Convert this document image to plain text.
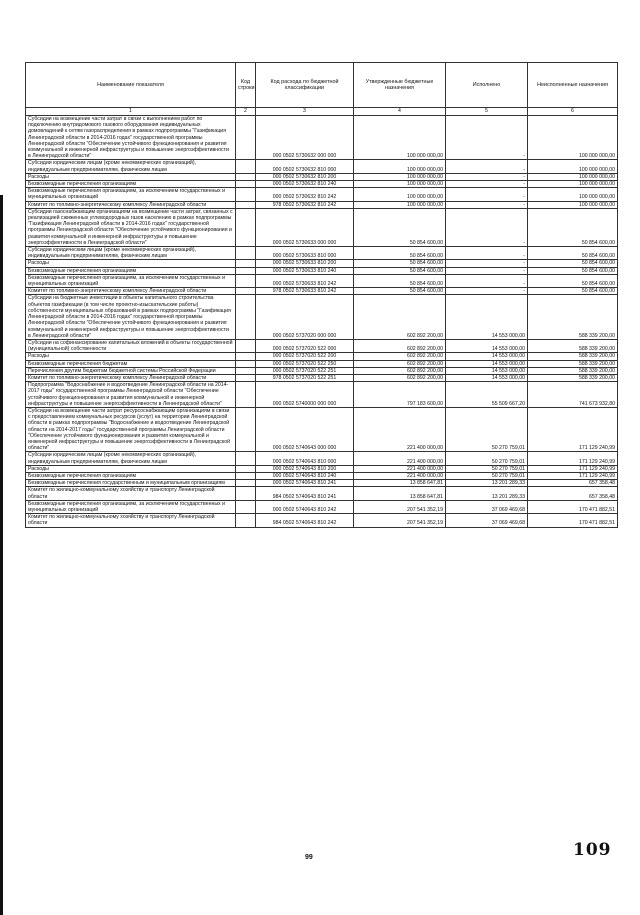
Наименование показателя	Код строки	Код расхода по бюджетной классификации	Утвержденные бюджетные назначения	Исполнено	Неисполненные назначения
1	2	3	4	5	6
Субсидии на возмещение части затрат в связи с выполнением работ по подключению внутридомового газового оборудования индивидуальных домовладений к сетям газораспределения в рамках подпрограммы "Газификация Ленинградской области в 2014-2016 годах" государственной программы Ленинградской области "Обеспечение устойчивого функционирования и развития коммунальной и инженерной инфраструктуры и повышение энергоэффективности в Ленинградской области"		000 0502 5730632 000 000	100 000 000,00	-	100 000 000,00
Субсидии юридическим лицам (кроме некоммерческих организаций), индивидуальным предпринимателям, физическим лицам		000 0502 5730632 810 000	100 000 000,00	-	100 000 000,00
Расходы		000 0502 5730632 810 200	100 000 000,00	-	100 000 000,00
Безвозмездные перечисления организациям		000 0502 5730632 810 240	100 000 000,00	-	100 000 000,00
Безвозмездные перечисления организациям, за исключением государственных и муниципальных организаций		000 0502 5730632 810 242	100 000 000,00	-	100 000 000,00
Комитет по топливно-энергетическому комплексу Ленинградской области		978 0502 5730632 810 242	100 000 000,00	-	100 000 000,00
Субсидии газоснабжающим организациям на возмещение части затрат, связанных с реализацией сжиженных углеводородных газов населению в рамках подпрограммы "Газификация Ленинградской области в 2014-2016 годах" государственной программы Ленинградской области "Обеспечение устойчивого функционирования и развития коммунальной и инженерной инфраструктуры и повышение энергоэффективности в Ленинградской области"		000 0502 5730633 000 000	50 854 600,00	-	50 854 600,00
Субсидии юридическим лицам (кроме некоммерческих организаций), индивидуальным предпринимателям, физическим лицам		000 0502 5730633 810 000	50 854 600,00	-	50 854 600,00
Расходы		000 0502 5730633 810 200	50 854 600,00	-	50 854 600,00
Безвозмездные перечисления организациям		000 0502 5730633 810 240	50 854 600,00	-	50 854 600,00
Безвозмездные перечисления организациям, за исключением государственных и муниципальных организаций		000 0502 5730633 810 242	50 854 600,00	-	50 854 600,00
Комитет по топливно-энергетическому комплексу Ленинградской области		978 0502 5730633 810 242	50 854 600,00	-	50 854 600,00
Субсидии на бюджетные инвестиции в объекты капитального строительства объектов газификации (в том числе проектно-изыскательские работы) собственности муниципальных образований в рамках подпрограммы "Газификация Ленинградской области в 2014-2016 годах" государственной программы Ленинградской области "Обеспечение устойчивого функционирования и развития коммунальной и инженерной инфраструктуры и повышение энергоэффективности в Ленинградской области"		000 0502 5737020 000 000	602 892 200,00	14 553 000,00	588 339 200,00
Субсидии на софинансирование капитальных вложений в объекты государственной (муниципальной) собственности		000 0502 5737020 522 000	602 892 200,00	14 553 000,00	588 339 200,00
Расходы		000 0502 5737020 522 200	602 892 200,00	14 553 000,00	588 339 200,00
Безвозмездные перечисления бюджетам		000 0502 5737020 522 250	602 892 200,00	14 553 000,00	588 339 200,00
Перечисления другим бюджетам бюджетной системы Российской Федерации		000 0502 5737020 522 251	602 892 200,00	14 553 000,00	588 339 200,00
Комитет по топливно-энергетическому комплексу Ленинградской области		978 0502 5737020 522 251	602 892 200,00	14 553 000,00	588 339 200,00
Подпрограмма "Водоснабжение и водоотведение Ленинградской области на 2014-2017 годы" государственной программы Ленинградской области "Обеспечение устойчивого функционирования и развития коммунальной и инженерной инфраструктуры и повышение энергоэффективности в Ленинградской области"		000 0502 5740000 000 000	797 183 600,00	55 509 667,20	741 673 932,80
Субсидии на возмещение части затрат ресурсоснабжающим организациям в связи с предоставлением коммунальных ресурсов (услуг) на территории Ленинградской области в рамках подпрограммы "Водоснабжение и водоотведение Ленинградской области на 2014-2017 годы" государственной программы Ленинградской области "Обеспечение устойчивого функционирования и развития коммунальной и инженерной инфраструктуры и повышение энергоэффективности в Ленинградской области"		000 0502 5740643 000 000	221 400 000,00	50 270 759,01	171 129 240,99
Субсидии юридическим лицам (кроме некоммерческих организаций), индивидуальным предпринимателям, физическим лицам		000 0502 5740643 810 000	221 400 000,00	50 270 759,01	171 129 240,99
Расходы		000 0502 5740643 810 200	221 400 000,00	50 270 759,01	171 129 240,99
Безвозмездные перечисления организациям		000 0502 5740643 810 240	221 400 000,00	50 270 759,01	171 129 240,99
Безвозмездные перечисления государственным и муниципальным организациям		000 0502 5740643 810 241	13 858 647,81	13 201 289,33	657 358,48
Комитет по жилищно-коммунальному хозяйству и транспорту Ленинградской области		984 0502 5740643 810 241	13 858 647,81	13 201 289,33	657 358,48
Безвозмездные перечисления организациям, за исключением государственных и муниципальных организаций		000 0502 5740643 810 242	207 541 352,19	37 069 469,68	170 471 882,51
Комитет по жилищно-коммунальному хозяйству и транспорту Ленинградской области		984 0502 5740643 810 242	207 541 352,19	37 069 469,68	170 471 882,51
99	109
